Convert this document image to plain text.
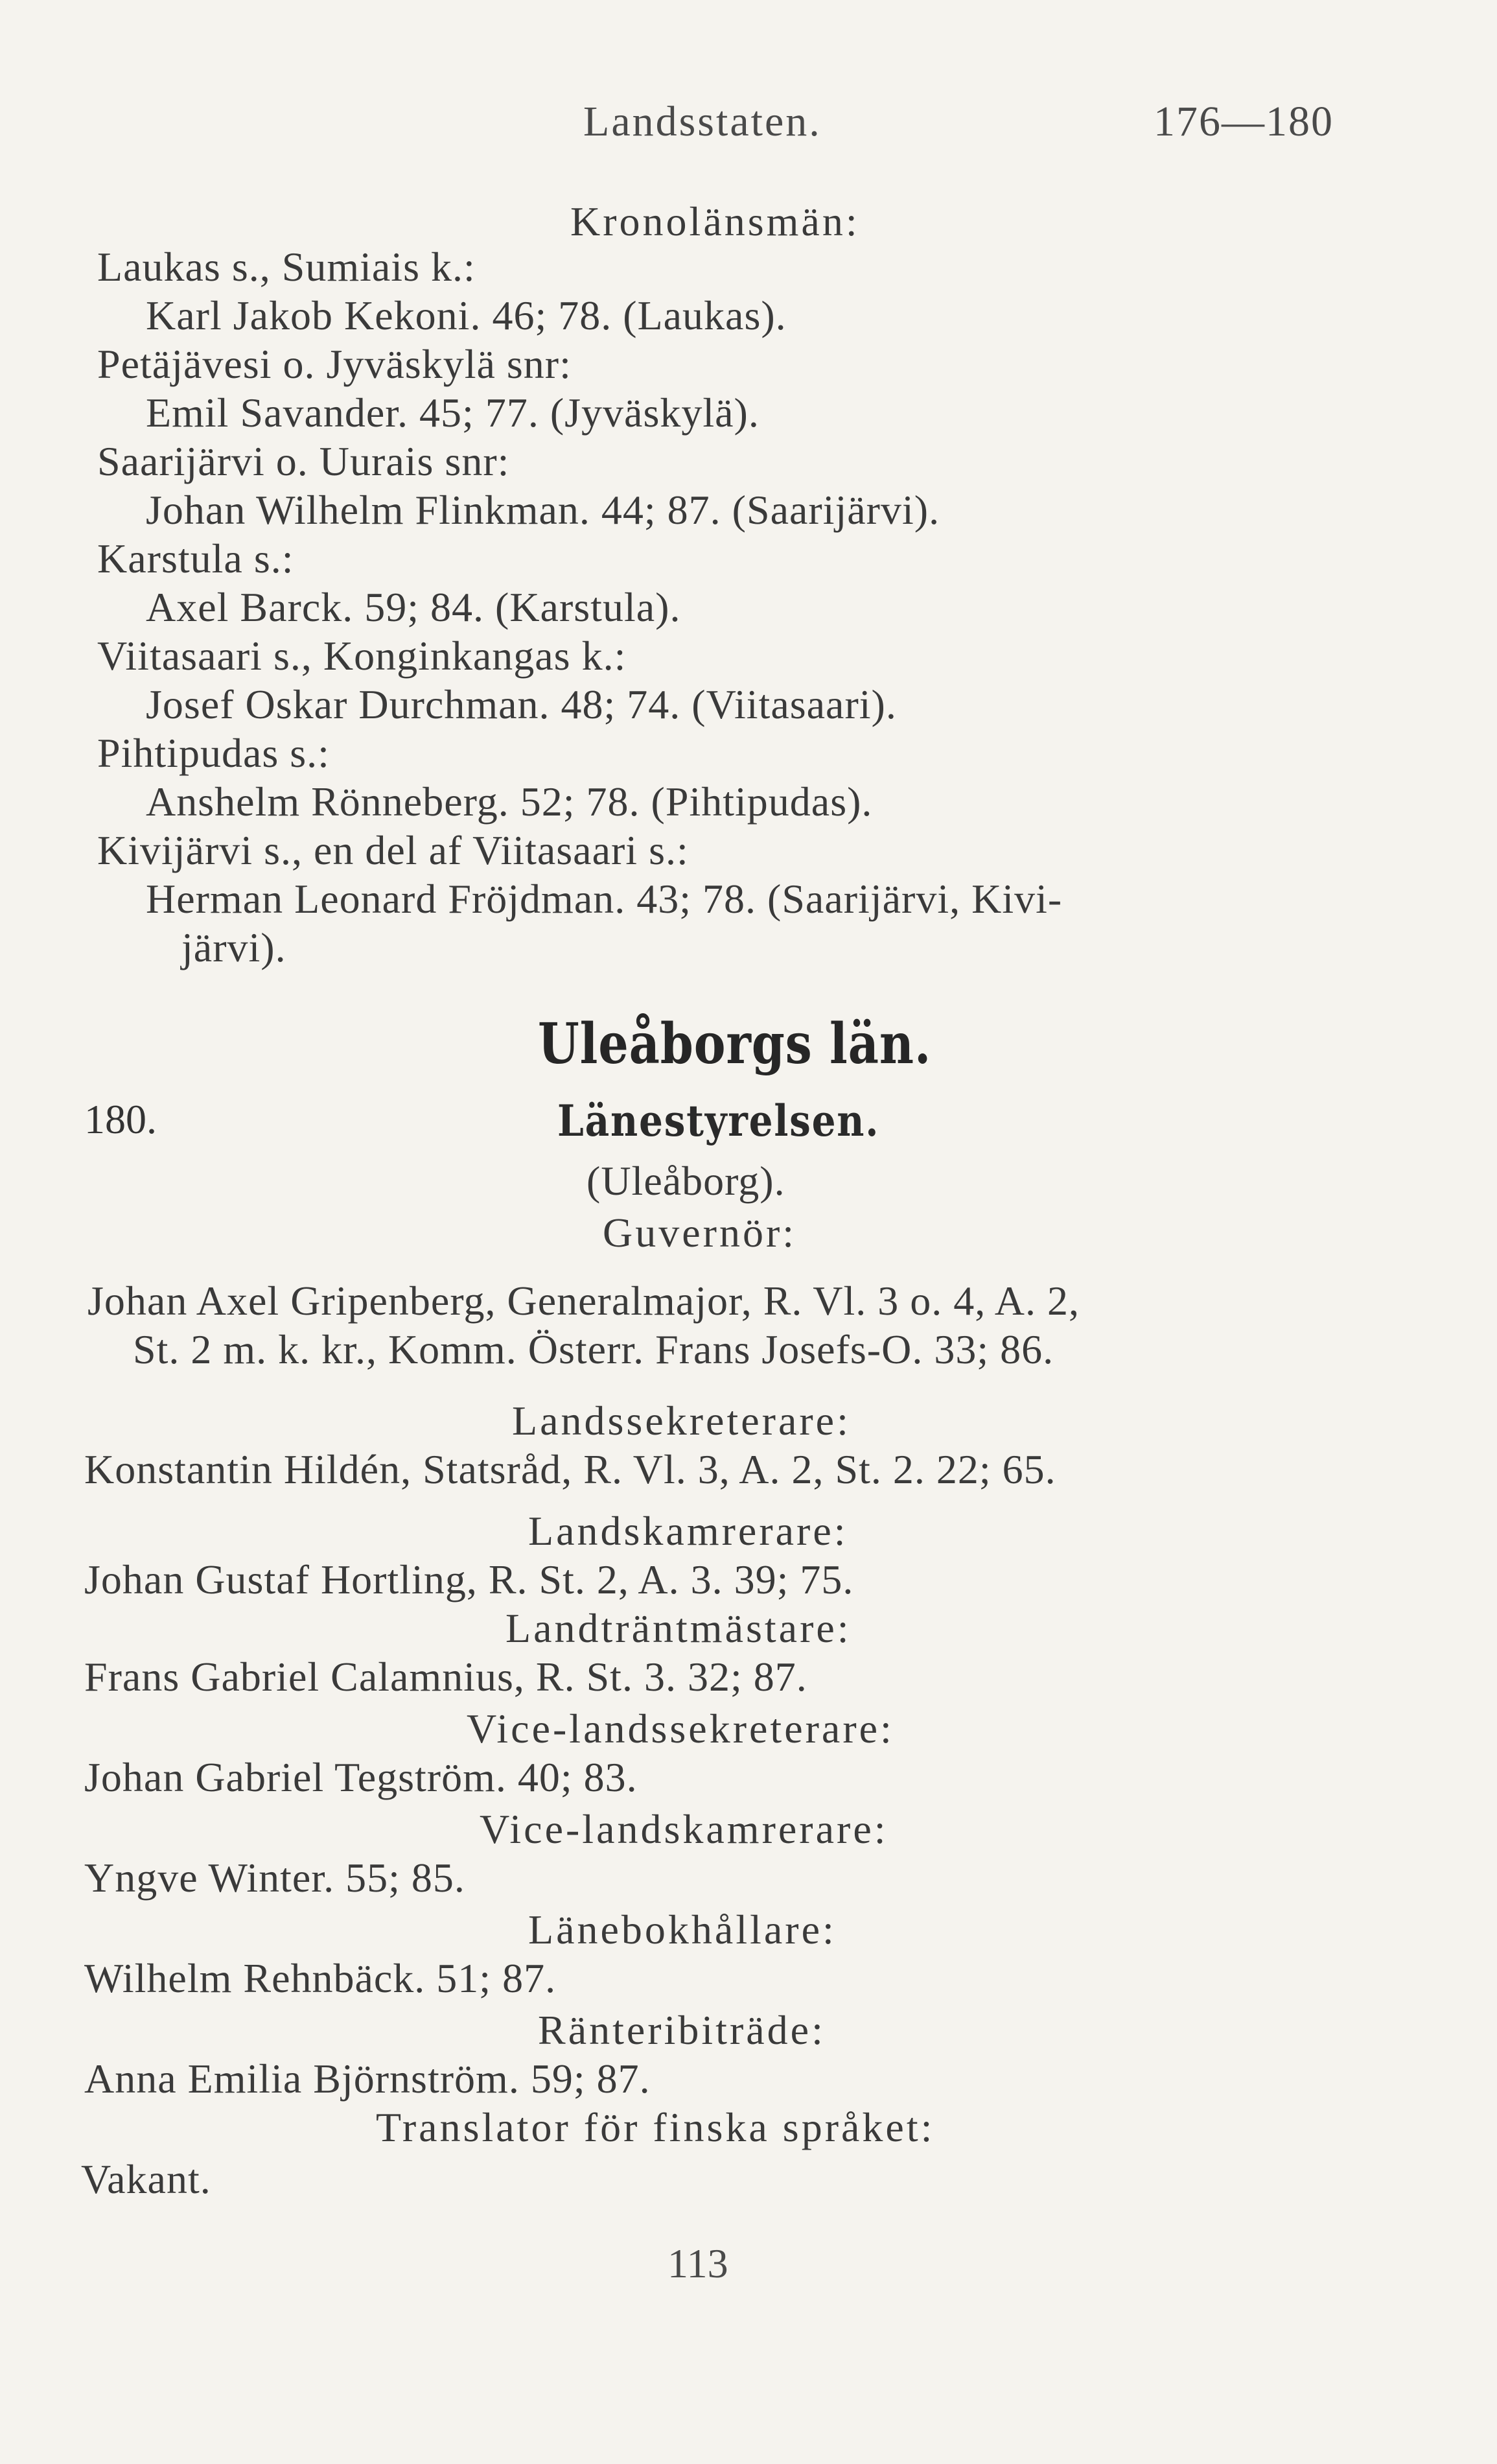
Landsstaten.	176—180
Kronolänsmän:
Laukas s., Sumiais k.:
Karl Jakob Kekoni. 46; 78. (Laukas).
Petäjävesi o. Jyväskylä snr:
Emil Savander. 45; 77. (Jyväskylä).
Saarijärvi o. Uurais snr:
Johan Wilhelm Flinkman. 44; 87. (Saarijärvi).
Karstula s.:
Axel Barck. 59; 84. (Karstula).
Viitasaari s., Konginkangas k.:
Josef Oskar Durchman. 48; 74. (Viitasaari).
Pihtipudas s.:
Anshelm Rönneberg. 52; 78. (Pihtipudas).
Kivijärvi s., en del af Viitasaari s.:
Herman Leonard Fröjdman. 43; 78. (Saarijärvi, Kivi-
järvi).
Uleåborgs län.
180.	Länestyrelsen.
(Uleåborg).
Guvernör:
Johan Axel Gripenberg, Generalmajor, R. Vl. 3 o. 4, A. 2,
St. 2 m. k. kr., Komm. Österr. Frans Josefs-O. 33; 86.
Landssekreterare:
Konstantin Hildén, Statsråd, R. Vl. 3, A. 2, St. 2. 22; 65.
Landskamrerare:
Johan Gustaf Hortling, R. St. 2, A. 3. 39; 75.
Landträntmästare:
Frans Gabriel Calamnius, R. St. 3. 32; 87.
Vice-landssekreterare:
Johan Gabriel Tegström. 40; 83.
Vice-landskamrerare:
Yngve Winter. 55; 85.
Länebokhållare:
Wilhelm Rehnbäck. 51; 87.
Ränteribiträde:
Anna Emilia Björnström. 59; 87.
Translator för finska språket:
Vakant.
113
